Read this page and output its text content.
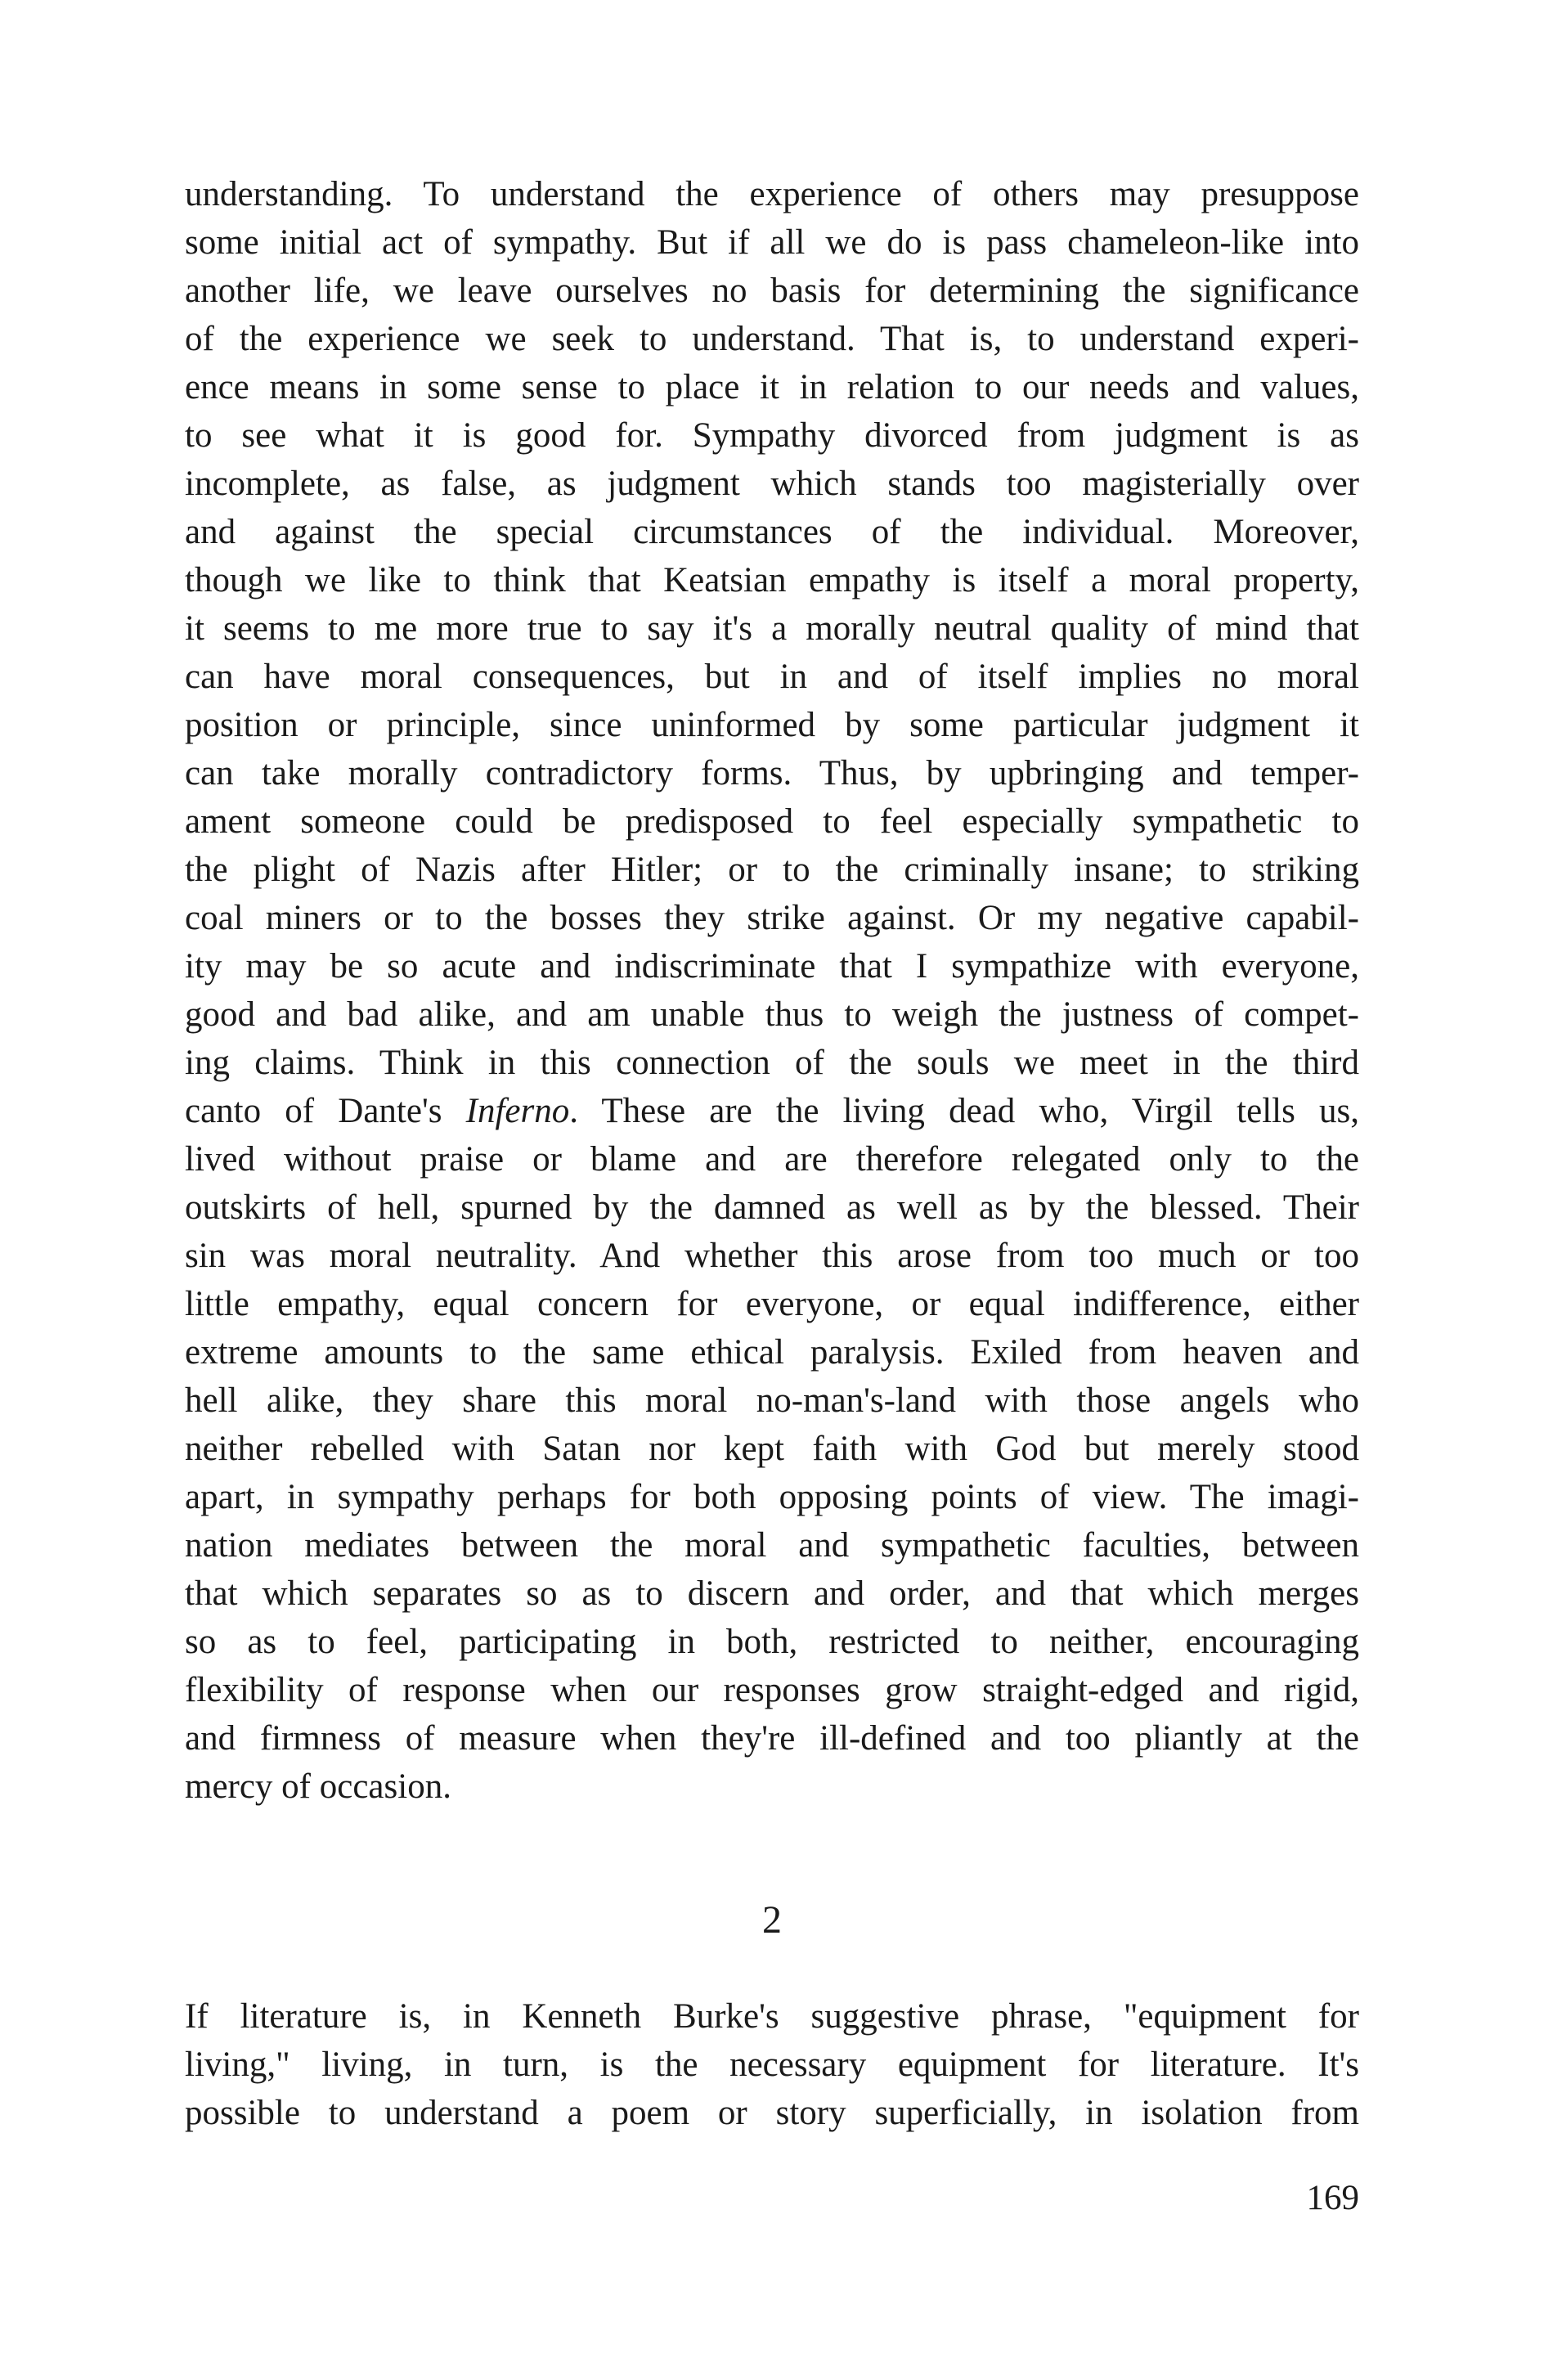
understanding. To understand the experience of others may presuppose
some initial act of sympathy. But if all we do is pass chameleon-like into
another life, we leave ourselves no basis for determining the significance
of the experience we seek to understand. That is, to understand experi-
ence means in some sense to place it in relation to our needs and values,
to see what it is good for. Sympathy divorced from judgment is as
incomplete, as false, as judgment which stands too magisterially over
and against the special circumstances of the individual. Moreover,
though we like to think that Keatsian empathy is itself a moral property,
it seems to me more true to say it's a morally neutral quality of mind that
can have moral consequences, but in and of itself implies no moral
position or principle, since uninformed by some particular judgment it
can take morally contradictory forms. Thus, by upbringing and temper-
ament someone could be predisposed to feel especially sympathetic to
the plight of Nazis after Hitler; or to the criminally insane; to striking
coal miners or to the bosses they strike against. Or my negative capabil-
ity may be so acute and indiscriminate that I sympathize with everyone,
good and bad alike, and am unable thus to weigh the justness of compet-
ing claims. Think in this connection of the souls we meet in the third
canto of Dante's Inferno. These are the living dead who, Virgil tells us,
lived without praise or blame and are therefore relegated only to the
outskirts of hell, spurned by the damned as well as by the blessed. Their
sin was moral neutrality. And whether this arose from too much or too
little empathy, equal concern for everyone, or equal indifference, either
extreme amounts to the same ethical paralysis. Exiled from heaven and
hell alike, they share this moral no-man's-land with those angels who
neither rebelled with Satan nor kept faith with God but merely stood
apart, in sympathy perhaps for both opposing points of view. The imagi-
nation mediates between the moral and sympathetic faculties, between
that which separates so as to discern and order, and that which merges
so as to feel, participating in both, restricted to neither, encouraging
flexibility of response when our responses grow straight-edged and rigid,
and firmness of measure when they're ill-defined and too pliantly at the
mercy of occasion.
2
If literature is, in Kenneth Burke's suggestive phrase, "equipment for
living," living, in turn, is the necessary equipment for literature. It's
possible to understand a poem or story superficially, in isolation from
169
